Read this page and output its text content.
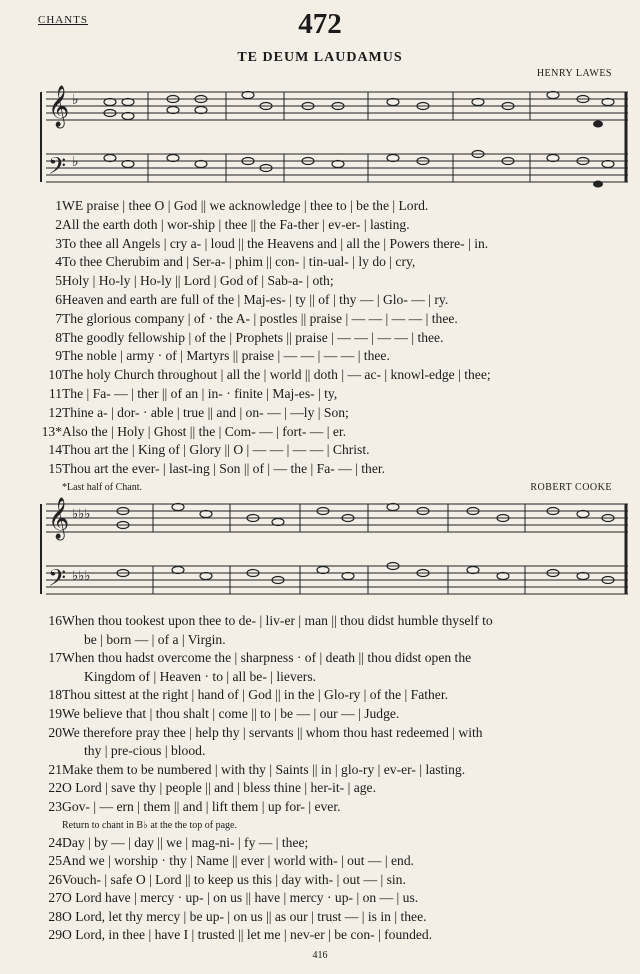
CHANTS	472
TE DEUM LAUDAMUS
HENRY LAWES
𝄞
𝄢
♭
♭
1WE praise | thee O | God || we acknowledge | thee to | be the | Lord.
2All the earth doth | wor-ship | thee || the Fa-ther | ev-er- | lasting.
3To thee all Angels | cry a- | loud || the Heavens and | all the | Powers there- | in.
4To thee Cherubim and | Ser-a- | phim || con- | tin-ual- | ly do | cry,
5Holy | Ho-ly | Ho-ly || Lord | God of | Sab-a- | oth;
6Heaven and earth are full of the | Maj-es- | ty || of | thy — | Glo- — | ry.
7The glorious company | of · the A- | postles || praise | — — | — — | thee.
8The goodly fellowship | of the | Prophets || praise | — — | — — | thee.
9The noble | army · of | Martyrs || praise | — — | — — | thee.
10The holy Church throughout | all the | world || doth | — ac- | knowl-edge | thee;
11The | Fa- — | ther || of an | in- · finite | Maj-es- | ty,
12Thine a- | dor- · able | true || and | on- — | —ly | Son;
13*Also the | Holy | Ghost || the | Com- — | fort- — | er.
14Thou art the | King of | Glory || O | — — | — — | Christ.
15Thou art the ever- | last-ing | Son || of | — the | Fa- — | ther.
*Last half of Chant.	ROBERT COOKE
𝄞
𝄢
♭♭♭
♭♭♭
16When thou tookest upon thee to de- | liv-er | man || thou didst humble thyself to
be | born — | of a | Virgin.
17When thou hadst overcome the | sharpness · of | death || thou didst open the
Kingdom of | Heaven · to | all be- | lievers.
18Thou sittest at the right | hand of | God || in the | Glo-ry | of the | Father.
19We believe that | thou shalt | come || to | be — | our — | Judge.
20We therefore pray thee | help thy | servants || whom thou hast redeemed | with
thy | pre-cious | blood.
21Make them to be numbered | with thy | Saints || in | glo-ry | ev-er- | lasting.
22O Lord | save thy | people || and | bless thine | her-it- | age.
23Gov- | — ern | them || and | lift them | up for- | ever.
Return to chant in B♭ at the the top of page.
24Day | by — | day || we | mag-ni- | fy — | thee;
25And we | worship · thy | Name || ever | world with- | out — | end.
26Vouch- | safe O | Lord || to keep us this | day with- | out — | sin.
27O Lord have | mercy · up- | on us || have | mercy · up- | on — | us.
28O Lord, let thy mercy | be up- | on us || as our | trust — | is in | thee.
29O Lord, in thee | have I | trusted || let me | nev-er | be con- | founded.
416
